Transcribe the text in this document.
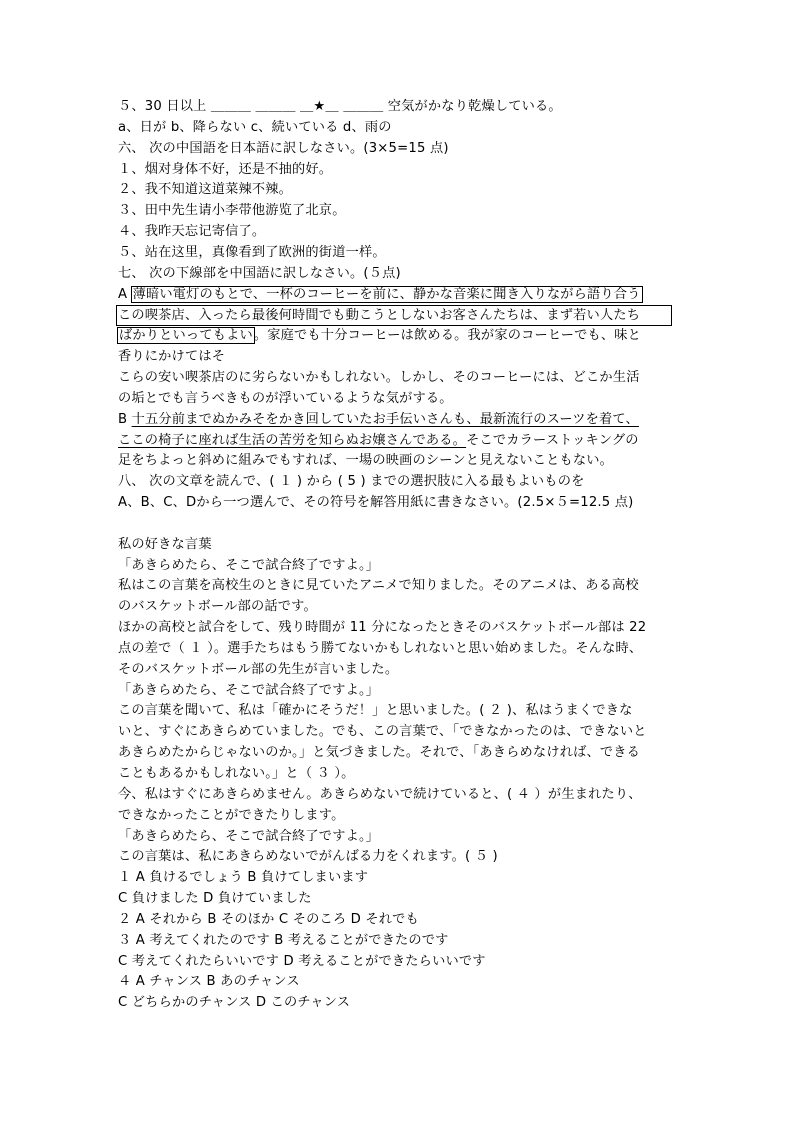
５、30 日以上 ＿＿＿ ＿＿＿ ＿★＿ ＿＿＿ 空気がかなり乾燥している。
a、日が b、降らない c、続いている d、雨の
六、 次の中国語を日本語に訳しなさい。(3×5=15 点)
１、烟对身体不好，还是不抽的好。
２、我不知道这道菜辣不辣。
３、田中先生请小李带他游览了北京。
４、我昨天忘记寄信了。
５、站在这里，真像看到了欧洲的街道一样。
七、 次の下線部を中国語に訳しなさい。(５点)
A 薄暗い電灯のもとで、一杯のコーヒーを前に、静かな音楽に聞き入りながら語り合う
この喫茶店、入ったら最後何時間でも動こうとしないお客さんたちは、まず若い人たち
ばかりといってもよい。家庭でも十分コーヒーは飲める。我が家のコーヒーでも、味と
香りにかけてはそ
こらの安い喫茶店のに劣らないかもしれない。しかし、そのコーヒーには、どこか生活
の垢とでも言うべきものが浮いているような気がする。
B 十五分前までぬかみそをかき回していたお手伝いさんも、最新流行のスーツを着て、
ここの椅子に座れば生活の苦労を知らぬお嬢さんである。そこでカラーストッキングの
足をちよっと斜めに組みでもすれば、一場の映画のシーンと見えないこともない。
八、 次の文章を読んで、( １ ) から ( 5 ) までの選択肢に入る最もよいものを
A、B、C、Dから一つ選んで、その符号を解答用紙に書きなさい。(2.5×５=12.5 点)
私の好きな言葉
「あきらめたら、そこで試合終了ですよ。」
私はこの言葉を高校生のときに見ていたアニメで知りました。そのアニメは、ある高校
のバスケットボール部の話です。
ほかの高校と試合をして、残り時間が 11 分になったときそのバスケットボール部は 22
点の差で（ １ ）。選手たちはもう勝てないかもしれないと思い始めました。そんな時、
そのバスケットボール部の先生が言いました。
「あきらめたら、そこで試合終了ですよ。」
この言葉を聞いて、私は「確かにそうだ！」と思いました。( ２ )、私はうまくできな
いと、すぐにあきらめていました。でも、この言葉で、「できなかったのは、できないと
あきらめたからじゃないのか。」と気づきました。それで、「あきらめなければ、できる
こともあるかもしれない。」と（ ３ ）。
今、私はすぐにあきらめません。あきらめないで続けていると、( ４ ）が生まれたり、
できなかったことができたりします。
「あきらめたら、そこで試合終了ですよ。」
この言葉は、私にあきらめないでがんばる力をくれます。( ５ )
１ A 負けるでしょう B 負けてしまいます
C 負けました D 負けていました
２ A それから B そのほか C そのころ D それでも
３ A 考えてくれたのです B 考えることができたのです
C 考えてくれたらいいです D 考えることができたらいいです
４ A チャンス B あのチャンス
C どちらかのチャンス D このチャンス
